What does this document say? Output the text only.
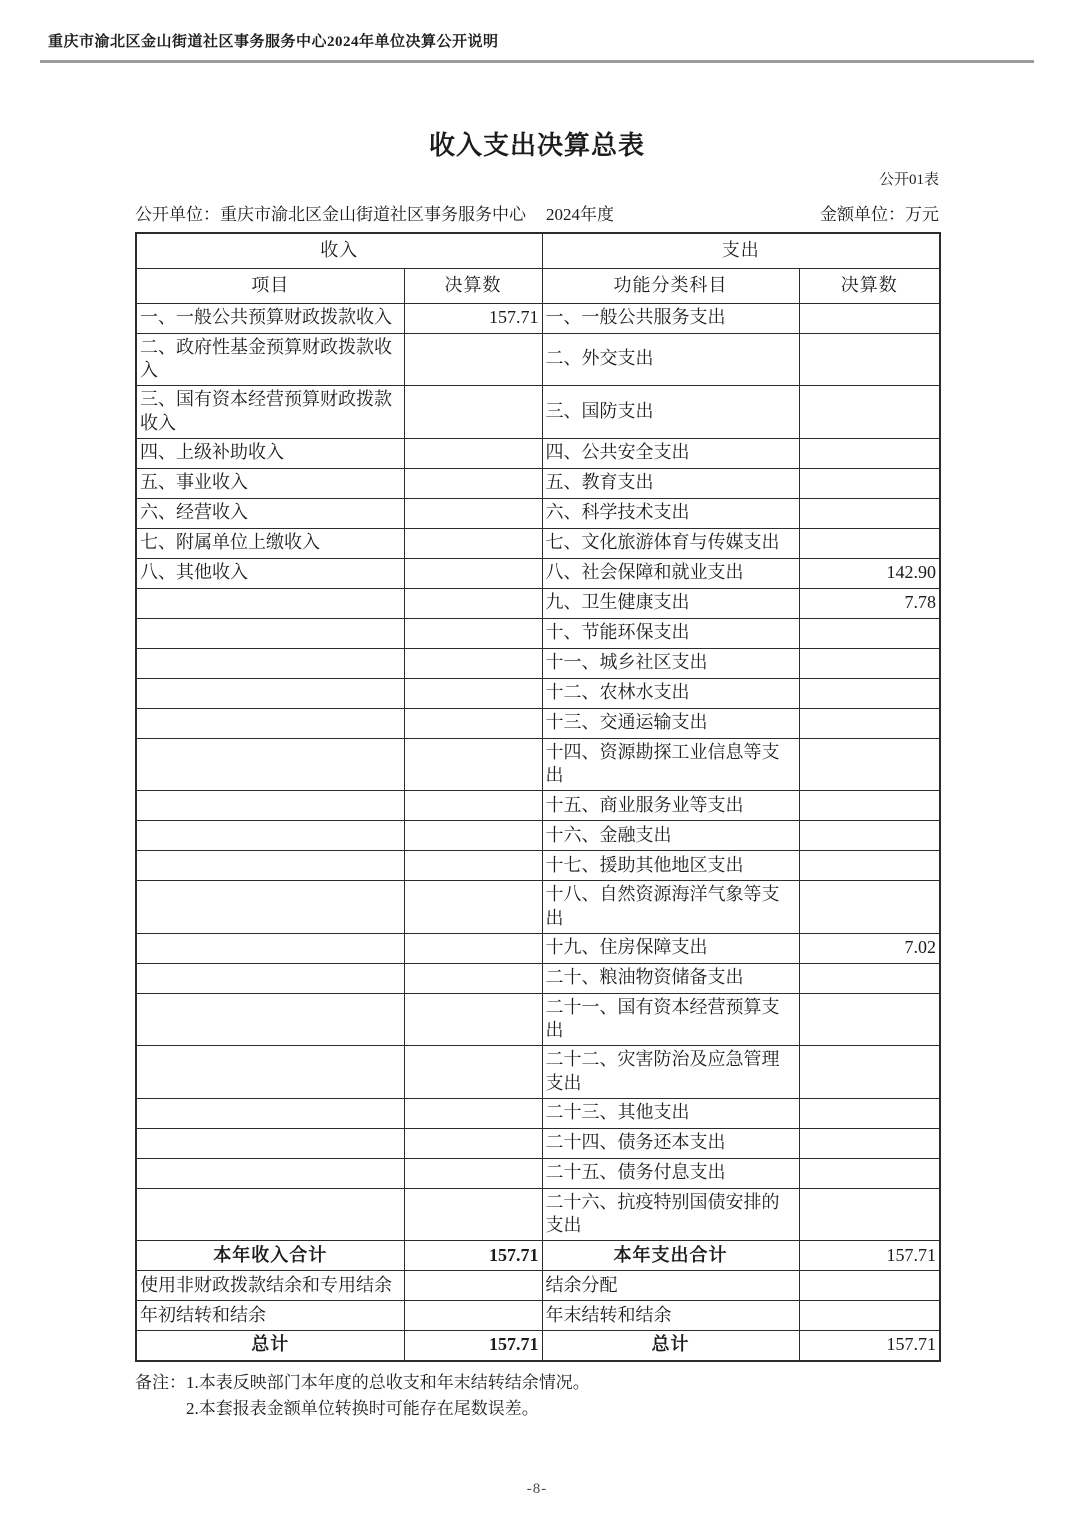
重庆市渝北区金山街道社区事务服务中心2024年单位决算公开说明
收入支出决算总表
公开01表
公开单位：重庆市渝北区金山街道社区事务服务中心 2024年度	金额单位：万元
收入		支出	
项目	决算数	功能分类科目	决算数
一、一般公共预算财政拨款收入	157.71	一、一般公共服务支出	
二、政府性基金预算财政拨款收入		二、外交支出	
三、国有资本经营预算财政拨款收入		三、国防支出	
四、上级补助收入		四、公共安全支出	
五、事业收入		五、教育支出	
六、经营收入		六、科学技术支出	
七、附属单位上缴收入		七、文化旅游体育与传媒支出	
八、其他收入		八、社会保障和就业支出	142.90
		九、卫生健康支出	7.78
		十、节能环保支出	
		十一、城乡社区支出	
		十二、农林水支出	
		十三、交通运输支出	
		十四、资源勘探工业信息等支出	
		十五、商业服务业等支出	
		十六、金融支出	
		十七、援助其他地区支出	
		十八、自然资源海洋气象等支出	
		十九、住房保障支出	7.02
		二十、粮油物资储备支出	
		二十一、国有资本经营预算支出	
		二十二、灾害防治及应急管理支出	
		二十三、其他支出	
		二十四、债务还本支出	
		二十五、债务付息支出	
		二十六、抗疫特别国债安排的支出	
本年收入合计	157.71	本年支出合计	157.71
使用非财政拨款结余和专用结余		结余分配	
年初结转和结余		年末结转和结余	
总计	157.71	总计	157.71
备注： 1.本表反映部门本年度的总收支和年末结转结余情况。
2.本套报表金额单位转换时可能存在尾数误差。
-8-
